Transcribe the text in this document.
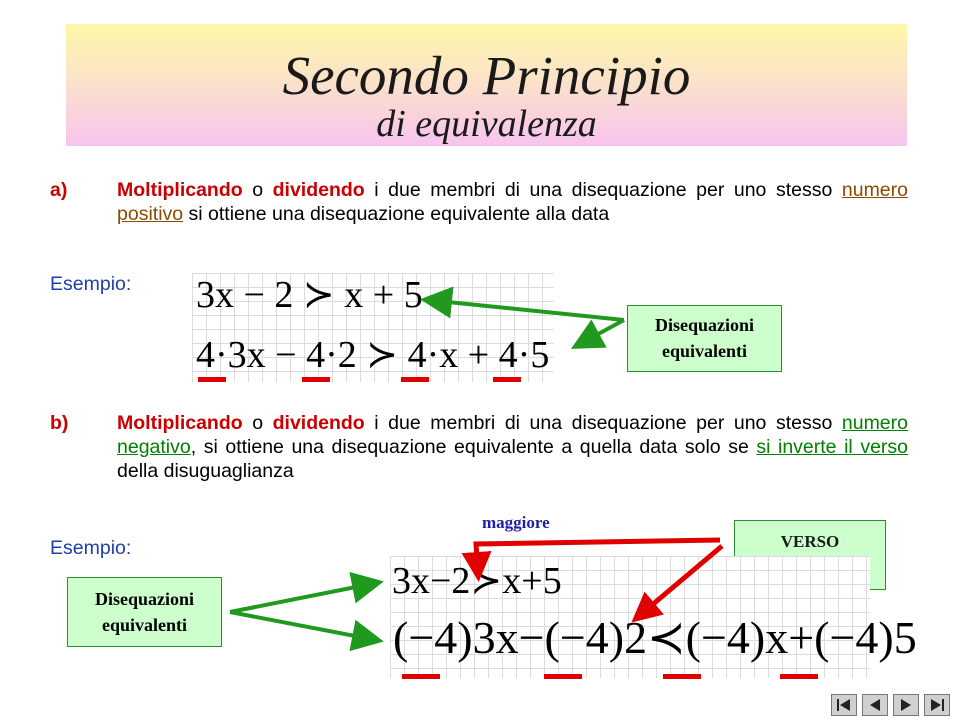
Secondo Principio
di equivalenza
a)	Moltiplicando o dividendo i due membri di una disequazione per uno stesso numero positivo si ottiene una disequazione equivalente alla data
Esempio: 3x − 2 ≻ x + 5
4·3x − 4·2 ≻ 4·x + 4·5
Disequazioni
equivalenti
b) Moltiplicando o dividendo i due membri di una disequazione per uno stesso numero negativo, si ottiene una disequazione equivalente a quella data solo se si inverte il verso della disuguaglianza
Esempio:
maggiore
VERSO
3x−2≻x+5
(−4)3x−(−4)2≺(−4)x+(−4)5
Disequazioni
equivalenti
